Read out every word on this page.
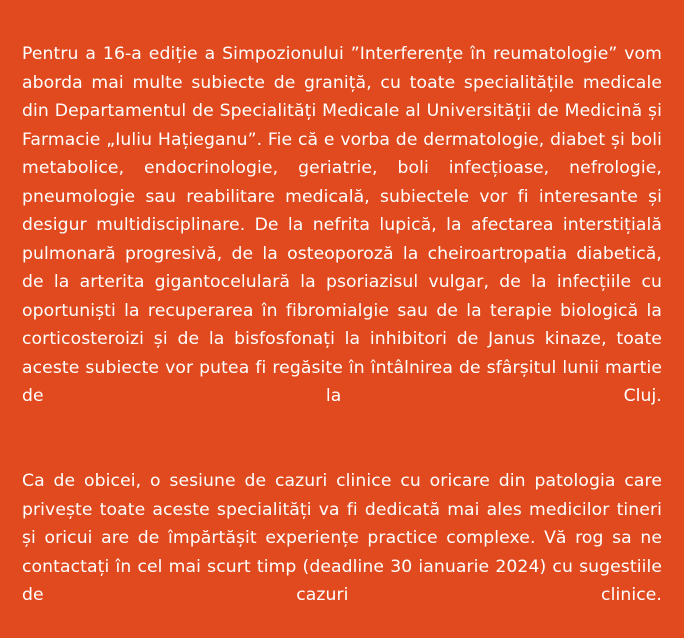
Pentru a 16-a ediție a Simpozionului ”Interferențe în reumatologie” vom aborda mai multe subiecte de graniță, cu toate specialitățile medicale din Departamentul de Specialități Medicale al Universității de Medicină și Farmacie „Iuliu Hațieganu”. Fie că e vorba de dermatologie, diabet și boli metabolice, endocrinologie, geriatrie, boli infecțioase, nefrologie, pneumologie sau reabilitare medicală, subiectele vor fi interesante și desigur multidisciplinare. De la nefrita lupică, la afectarea interstițială pulmonară progresivă, de la osteoporoză la cheiroartropatia diabetică, de la arterita gigantocelulară la psoriazisul vulgar, de la infecțiile cu oportuniști la recuperarea în fibromialgie sau de la terapie biologică la corticosteroizi și de la bisfosfonați la inhibitori de Janus kinaze, toate aceste subiecte vor putea fi regăsite în întâlnirea de sfârșitul lunii martie de la Cluj.

Ca de obicei, o sesiune de cazuri clinice cu oricare din patologia care privește toate aceste specialități va fi dedicată mai ales medicilor tineri și oricui are de împărtășit experiențe practice complexe. Vă rog sa ne contactați în cel mai scurt timp (deadline 30 ianuarie 2024) cu sugestiile de cazuri clinice.
